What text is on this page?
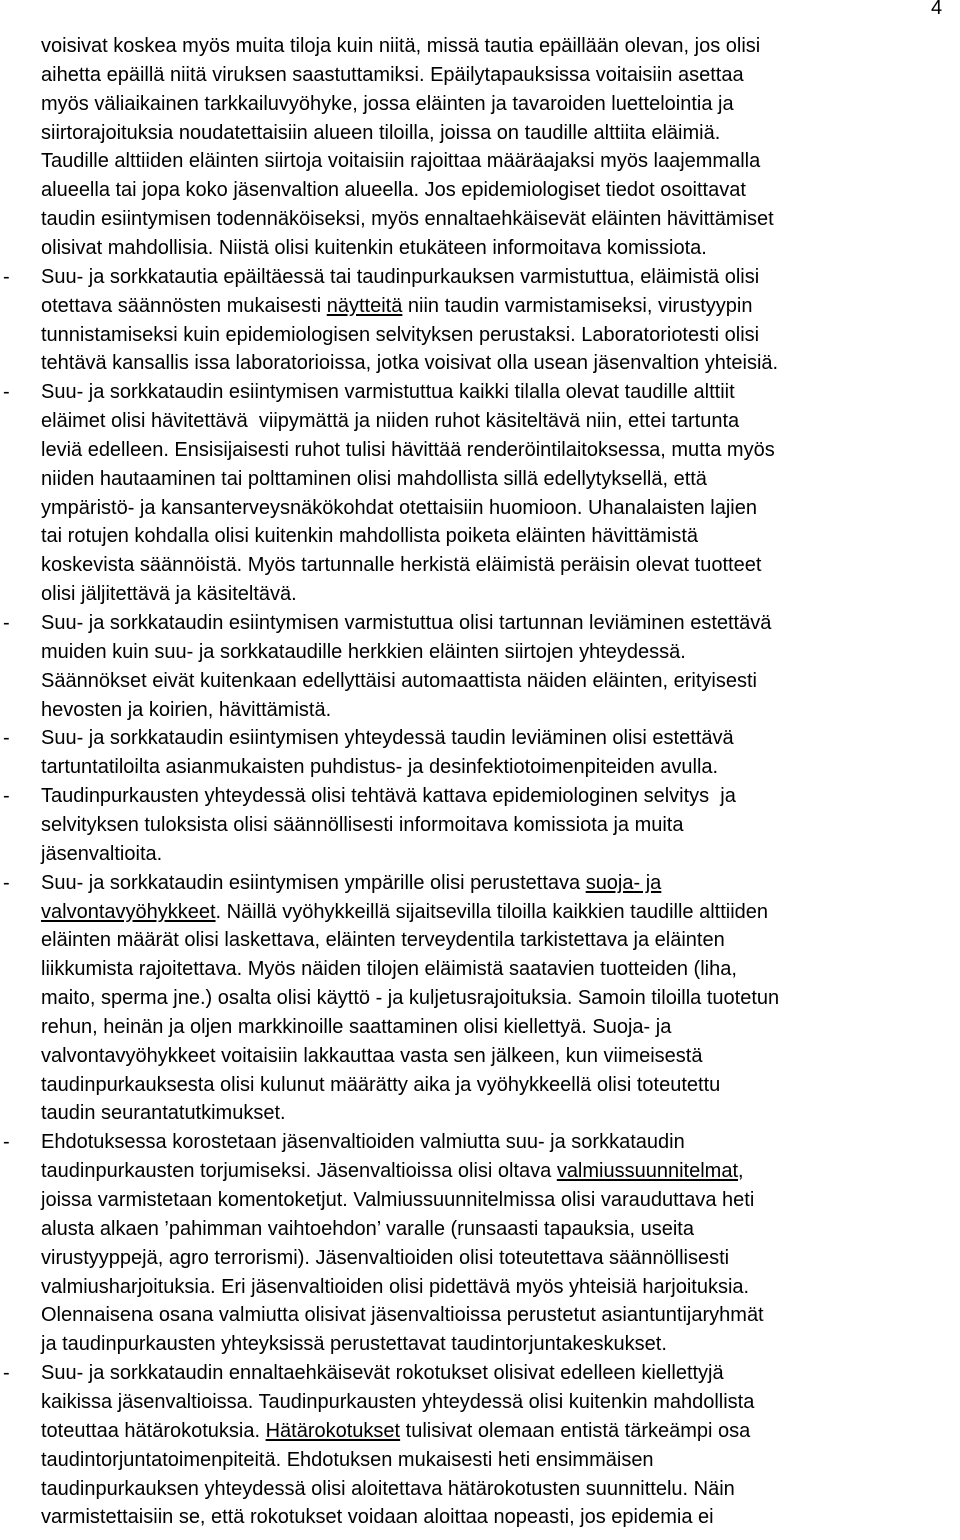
4
voisivat koskea myös muita tiloja kuin niitä, missä tautia epäillään olevan, jos olisi
aihetta epäillä niitä viruksen saastuttamiksi. Epäilytapauksissa voitaisiin asettaa
myös väliaikainen tarkkailuvyöhyke, jossa eläinten ja tavaroiden luettelointia ja
siirtorajoituksia noudatettaisiin alueen tiloilla, joissa on taudille alttiita eläimiä.
Taudille alttiiden eläinten siirtoja voitaisiin rajoittaa määräajaksi myös laajemmalla
alueella tai jopa koko jäsenvaltion alueella. Jos epidemiologiset tiedot osoittavat
taudin esiintymisen todennäköiseksi, myös ennaltaehkäisevät eläinten hävittämiset
olisivat mahdollisia. Niistä olisi kuitenkin etukäteen informoitava komissiota.
- Suu- ja sorkkatautia epäiltäessä tai taudinpurkauksen varmistuttua, eläimistä olisi
otettava säännösten mukaisesti näytteitä niin taudin varmistamiseksi, virustyypin
tunnistamiseksi kuin epidemiologisen selvityksen perustaksi. Laboratoriotesti olisi
tehtävä kansallis issa laboratorioissa, jotka voisivat olla usean jäsenvaltion yhteisiä.
- Suu- ja sorkkataudin esiintymisen varmistuttua kaikki tilalla olevat taudille alttiit
eläimet olisi hävitettävä  viipymättä ja niiden ruhot käsiteltävä niin, ettei tartunta
leviä edelleen. Ensisijaisesti ruhot tulisi hävittää renderöintilaitoksessa, mutta myös
niiden hautaaminen tai polttaminen olisi mahdollista sillä edellytyksellä, että
ympäristö- ja kansanterveysnäkökohdat otettaisiin huomioon. Uhanalaisten lajien
tai rotujen kohdalla olisi kuitenkin mahdollista poiketa eläinten hävittämistä
koskevista säännöistä. Myös tartunnalle herkistä eläimistä peräisin olevat tuotteet
olisi jäljitettävä ja käsiteltävä.
- Suu- ja sorkkataudin esiintymisen varmistuttua olisi tartunnan leviäminen estettävä
muiden kuin suu- ja sorkkataudille herkkien eläinten siirtojen yhteydessä.
Säännökset eivät kuitenkaan edellyttäisi automaattista näiden eläinten, erityisesti
hevosten ja koirien, hävittämistä.
- Suu- ja sorkkataudin esiintymisen yhteydessä taudin leviäminen olisi estettävä
tartuntatiloilta asianmukaisten puhdistus- ja desinfektiotoimenpiteiden avulla.
- Taudinpurkausten yhteydessä olisi tehtävä kattava epidemiologinen selvitys  ja
selvityksen tuloksista olisi säännöllisesti informoitava komissiota ja muita
jäsenvaltioita.
- Suu- ja sorkkataudin esiintymisen ympärille olisi perustettava suoja- ja
valvontavyöhykkeet. Näillä vyöhykkeillä sijaitsevilla tiloilla kaikkien taudille alttiiden
eläinten määrät olisi laskettava, eläinten terveydentila tarkistettava ja eläinten
liikkumista rajoitettava. Myös näiden tilojen eläimistä saatavien tuotteiden (liha,
maito, sperma jne.) osalta olisi käyttö - ja kuljetusrajoituksia. Samoin tiloilla tuotetun
rehun, heinän ja oljen markkinoille saattaminen olisi kiellettyä. Suoja- ja
valvontavyöhykkeet voitaisiin lakkauttaa vasta sen jälkeen, kun viimeisestä
taudinpurkauksesta olisi kulunut määrätty aika ja vyöhykkeellä olisi toteutettu
taudin seurantatutkimukset.
- Ehdotuksessa korostetaan jäsenvaltioiden valmiutta suu- ja sorkkataudin
taudinpurkausten torjumiseksi. Jäsenvaltioissa olisi oltava valmiussuunnitelmat,
joissa varmistetaan komentoketjut. Valmiussuunnitelmissa olisi varauduttava heti
alusta alkaen ’pahimman vaihtoehdon’ varalle (runsaasti tapauksia, useita
virustyyppejä, agro terrorismi). Jäsenvaltioiden olisi toteutettava säännöllisesti
valmiusharjoituksia. Eri jäsenvaltioiden olisi pidettävä myös yhteisiä harjoituksia.
Olennaisena osana valmiutta olisivat jäsenvaltioissa perustetut asiantuntijaryhmät
ja taudinpurkausten yhteyksissä perustettavat taudintorjuntakeskukset.
- Suu- ja sorkkataudin ennaltaehkäisevät rokotukset olisivat edelleen kiellettyjä
kaikissa jäsenvaltioissa. Taudinpurkausten yhteydessä olisi kuitenkin mahdollista
toteuttaa hätärokotuksia. Hätärokotukset tulisivat olemaan entistä tärkeämpi osa
taudintorjuntatoimenpiteitä. Ehdotuksen mukaisesti heti ensimmäisen
taudinpurkauksen yhteydessä olisi aloitettava hätärokotusten suunnittelu. Näin
varmistettaisiin se, että rokotukset voidaan aloittaa nopeasti, jos epidemia ei
